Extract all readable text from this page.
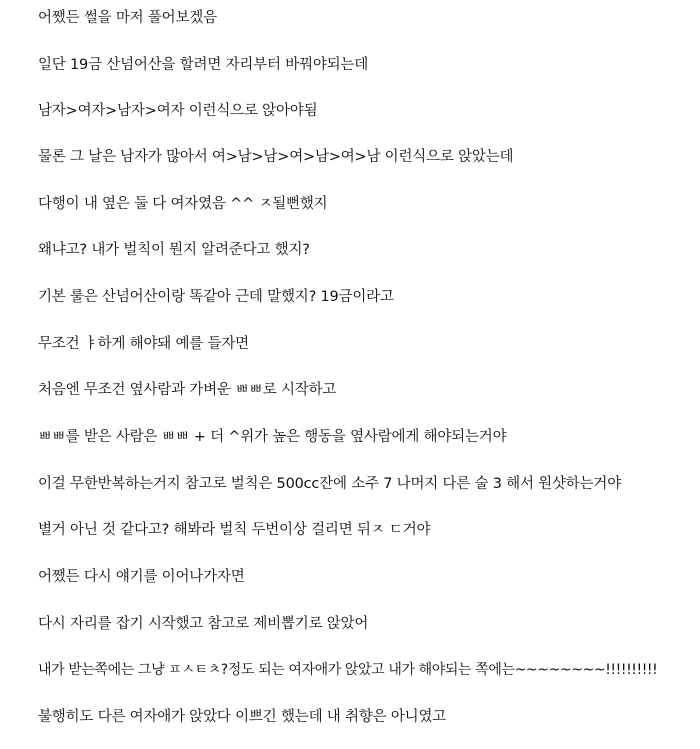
어쨌든 썰을 마저 풀어보겠음
일단 19금 산넘어산을 할려면 자리부터 바꿔야되는데
남자>여자>남자>여자 이런식으로 앉아야됨
물론 그 날은 남자가 많아서 여>남>남>여>남>여>남 이런식으로 앉았는데
다행이 내 옆은 둘 다 여자였음 ^^ ㅈ될뻔했지
왜냐고? 내가 벌칙이 뭔지 알려준다고 했지?
기본 룰은 산넘어산이랑 똑같아 근데 말했지? 19금이라고
무조건 ㅑ하게 해야돼 예를 들자면
처음엔 무조건 옆사람과 가벼운 ㅃㅃ로 시작하고
ㅃㅃ를 받은 사람은 ㅃㅃ + 더 ^위가 높은 행동을 옆사람에게 해야되는거야
이걸 무한반복하는거지 참고로 벌칙은 500cc잔에 소주 7 나머지 다른 술 3 해서 원샷하는거야
별거 아닌 것 같다고? 해봐라 벌칙 두번이상 걸리면 뒤ㅈ ㄷ거야
어쨌든 다시 얘기를 이어나가자면
다시 자리를 잡기 시작했고 참고로 제비뽑기로 앉았어
내가 받는쪽에는 그냥 ㅍㅅㅌㅊ?정도 되는 여자애가 앉았고 내가 해야되는 쪽에는~~~~~~~~!!!!!!!!!!
불행히도 다른 여자애가 앉았다 이쁘긴 했는데 내 취향은 아니였고
